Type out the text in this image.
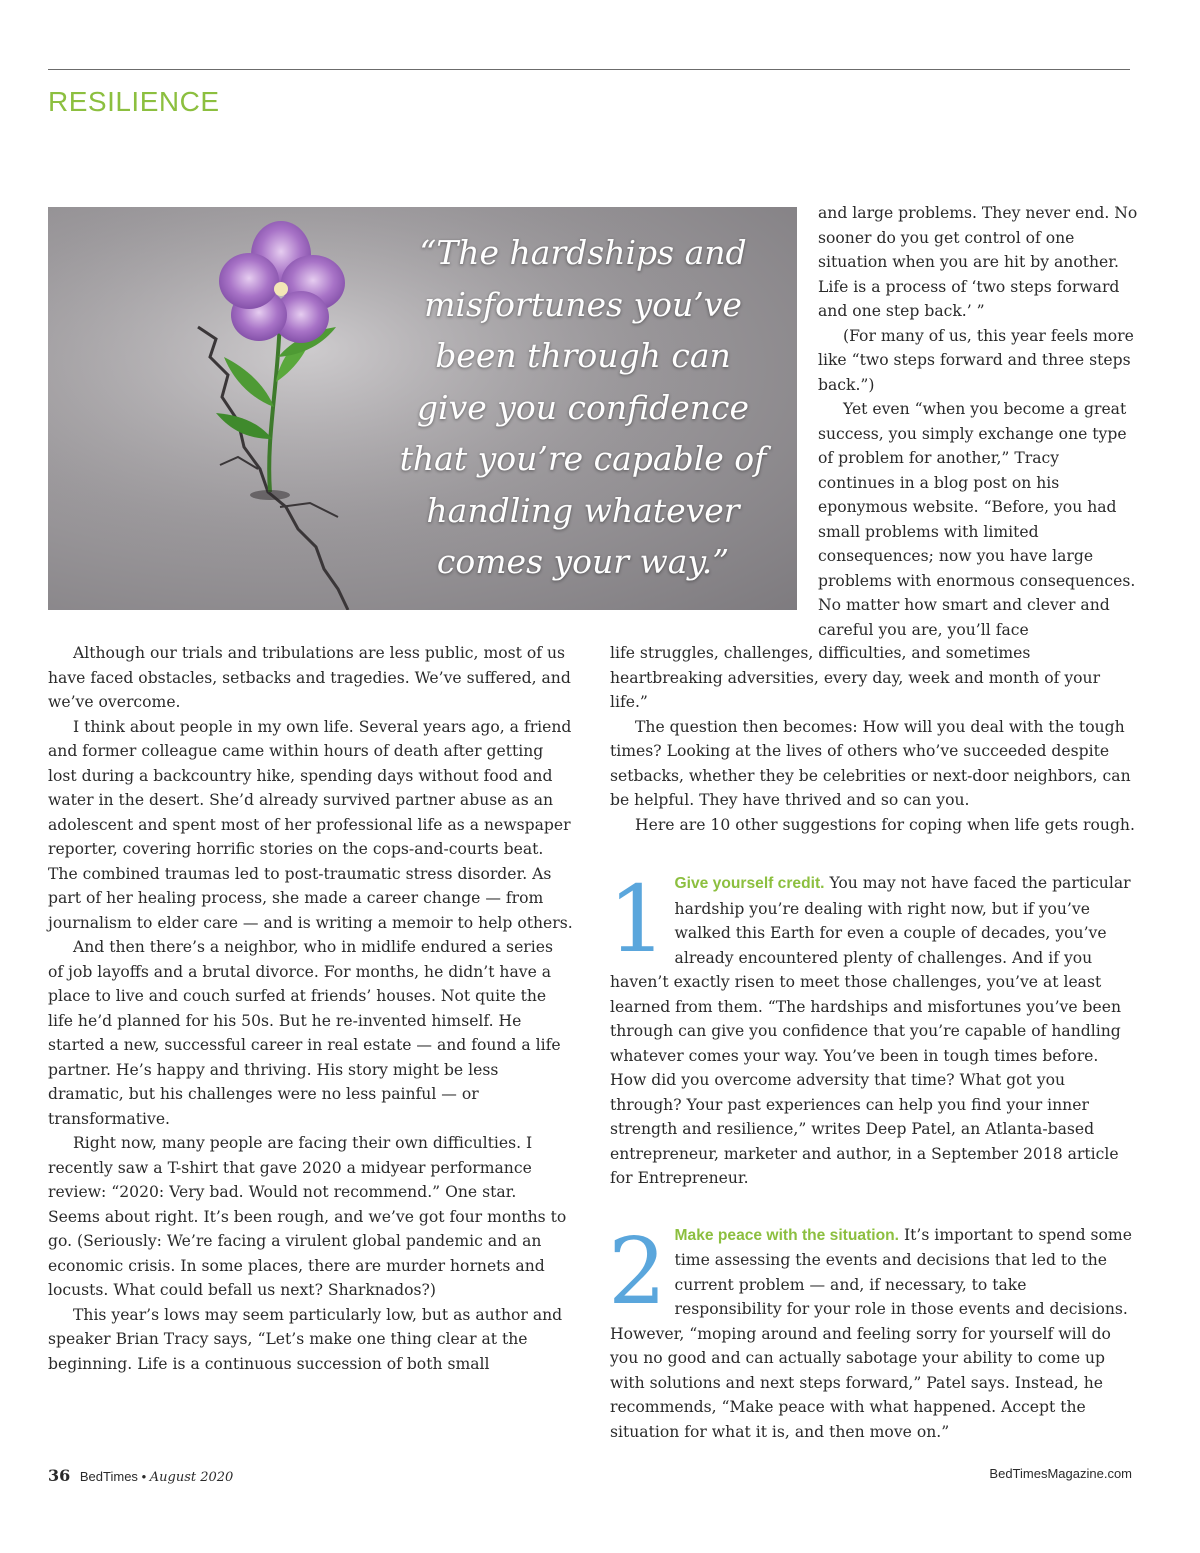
RESILIENCE

“The hardships and misfortunes you’ve been through can give you confidence that you’re capable of handling whatever comes your way.”

and large problems. They never end. No sooner do you get control of one situation when you are hit by another. Life is a process of ‘two steps forward and one step back.’ ”

(For many of us, this year feels more like “two steps forward and three steps back.”)

Yet even “when you become a great success, you simply exchange one type of problem for another,” Tracy continues in a blog post on his eponymous website. “Before, you had small problems with limited consequences; now you have large problems with enormous consequences. No matter how smart and clever and careful you are, you’ll face

Although our trials and tribulations are less public, most of us have faced obstacles, setbacks and tragedies. We’ve suffered, and we’ve overcome.

I think about people in my own life. Several years ago, a friend and former colleague came within hours of death after getting lost during a backcountry hike, spending days without food and water in the desert. She’d already survived partner abuse as an adolescent and spent most of her professional life as a newspaper reporter, covering horrific stories on the cops-and-courts beat. The combined traumas led to post-traumatic stress disorder. As part of her healing process, she made a career change — from journalism to elder care — and is writing a memoir to help others.

And then there’s a neighbor, who in midlife endured a series of job layoffs and a brutal divorce. For months, he didn’t have a place to live and couch surfed at friends’ houses. Not quite the life he’d planned for his 50s. But he re-invented himself. He started a new, successful career in real estate — and found a life partner. He’s happy and thriving. His story might be less dramatic, but his challenges were no less painful — or transformative.

Right now, many people are facing their own difficulties. I recently saw a T-shirt that gave 2020 a midyear performance review: “2020: Very bad. Would not recommend.” One star. Seems about right. It’s been rough, and we’ve got four months to go. (Seriously: We’re facing a virulent global pandemic and an economic crisis. In some places, there are murder hornets and locusts. What could befall us next? Sharknados?)

This year’s lows may seem particularly low, but as author and speaker Brian Tracy says, “Let’s make one thing clear at the beginning. Life is a continuous succession of both small

life struggles, challenges, difficulties, and sometimes heartbreaking adversities, every day, week and month of your life.”

The question then becomes: How will you deal with the tough times? Looking at the lives of others who’ve succeeded despite setbacks, whether they be celebrities or next-door neighbors, can be helpful. They have thrived and so can you.

Here are 10 other suggestions for coping when life gets rough.

1 Give yourself credit. You may not have faced the particular hardship you’re dealing with right now, but if you’ve walked this Earth for even a couple of decades, you’ve already encountered plenty of challenges. And if you haven’t exactly risen to meet those challenges, you’ve at least learned from them. “The hardships and misfortunes you’ve been through can give you confidence that you’re capable of handling whatever comes your way. You’ve been in tough times before. How did you overcome adversity that time? What got you through? Your past experiences can help you find your inner strength and resilience,” writes Deep Patel, an Atlanta-based entrepreneur, marketer and author, in a September 2018 article for Entrepreneur.

2 Make peace with the situation. It’s important to spend some time assessing the events and decisions that led to the current problem — and, if necessary, to take responsibility for your role in those events and decisions. However, “moping around and feeling sorry for yourself will do you no good and can actually sabotage your ability to come up with solutions and next steps forward,” Patel says. Instead, he recommends, “Make peace with what happened. Accept the situation for what it is, and then move on.”

36 BedTimes • August 2020	BedTimesMagazine.com
